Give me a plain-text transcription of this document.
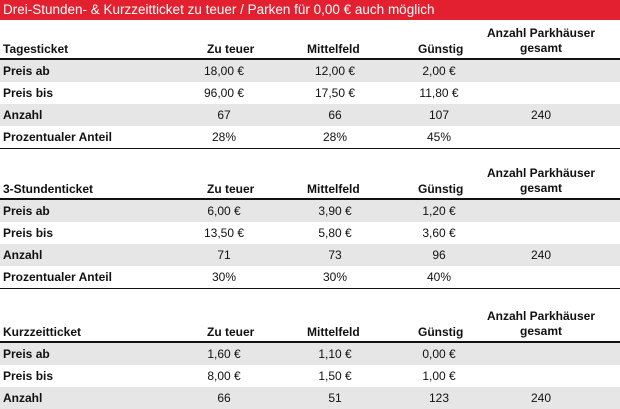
Drei-Stunden- & Kurzzeitticket zu teuer / Parken für 0,00 € auch möglich
Tagesticket	Zu teuer	Mittelfeld	Günstig
Anzahl Parkhäuser
gesamt
Preis ab	18,00 €	12,00 €	2,00 €
Preis bis	96,00 €	17,50 €	11,80 €
Anzahl	67	66	107	240
Prozentualer Anteil	28%	28%	45%
3-Stundenticket	Zu teuer	Mittelfeld	Günstig
Anzahl Parkhäuser
gesamt
Preis ab	6,00 €	3,90 €	1,20 €
Preis bis	13,50 €	5,80 €	3,60 €
Anzahl	71	73	96	240
Prozentualer Anteil	30%	30%	40%
Kurzzeitticket	Zu teuer	Mittelfeld	Günstig
Anzahl Parkhäuser
gesamt
Preis ab	1,60 €	1,10 €	0,00 €
Preis bis	8,00 €	1,50 €	1,00 €
Anzahl	66	51	123	240
